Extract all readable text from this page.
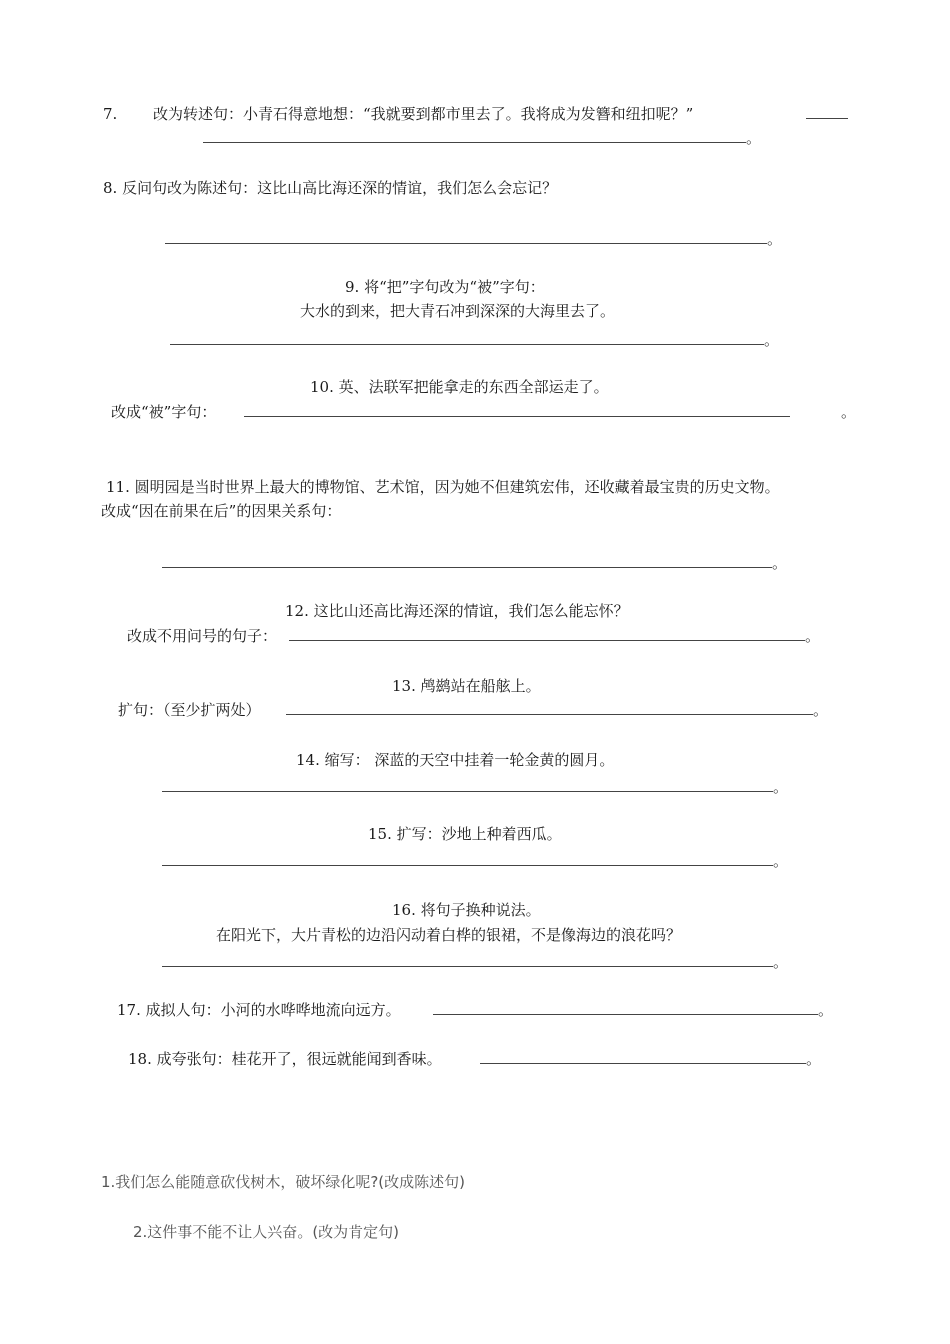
7. 改为转述句：小青石得意地想：“我就要到都市里去了。我将成为发簪和纽扣呢？”
。
8. 反问句改为陈述句：这比山高比海还深的情谊，我们怎么会忘记？
。
9. 将“把”字句改为“被”字句：
大水的到来，把大青石冲到深深的大海里去了。
。
10. 英、法联军把能拿走的东西全部运走了。
改成“被”字句：	。
11. 圆明园是当时世界上最大的博物馆、艺术馆，因为她不但建筑宏伟，还收藏着最宝贵的历史文物。
改成“因在前果在后”的因果关系句：
。
12. 这比山还高比海还深的情谊，我们怎么能忘怀？
改成不用问号的句子：	。
13. 鸬鹚站在船舷上。
扩句：（至少扩两处）	。
14. 缩写： 深蓝的天空中挂着一轮金黄的圆月。
。
15. 扩写：沙地上种着西瓜。
。
16. 将句子换种说法。
在阳光下，大片青松的边沿闪动着白桦的银裙，不是像海边的浪花吗？
。
17. 成拟人句：小河的水哗哗地流向远方。	。
18. 成夸张句：桂花开了，很远就能闻到香味。	。
1.我们怎么能随意砍伐树木，破坏绿化呢?(改成陈述句)
2.这件事不能不让人兴奋。(改为肯定句)
